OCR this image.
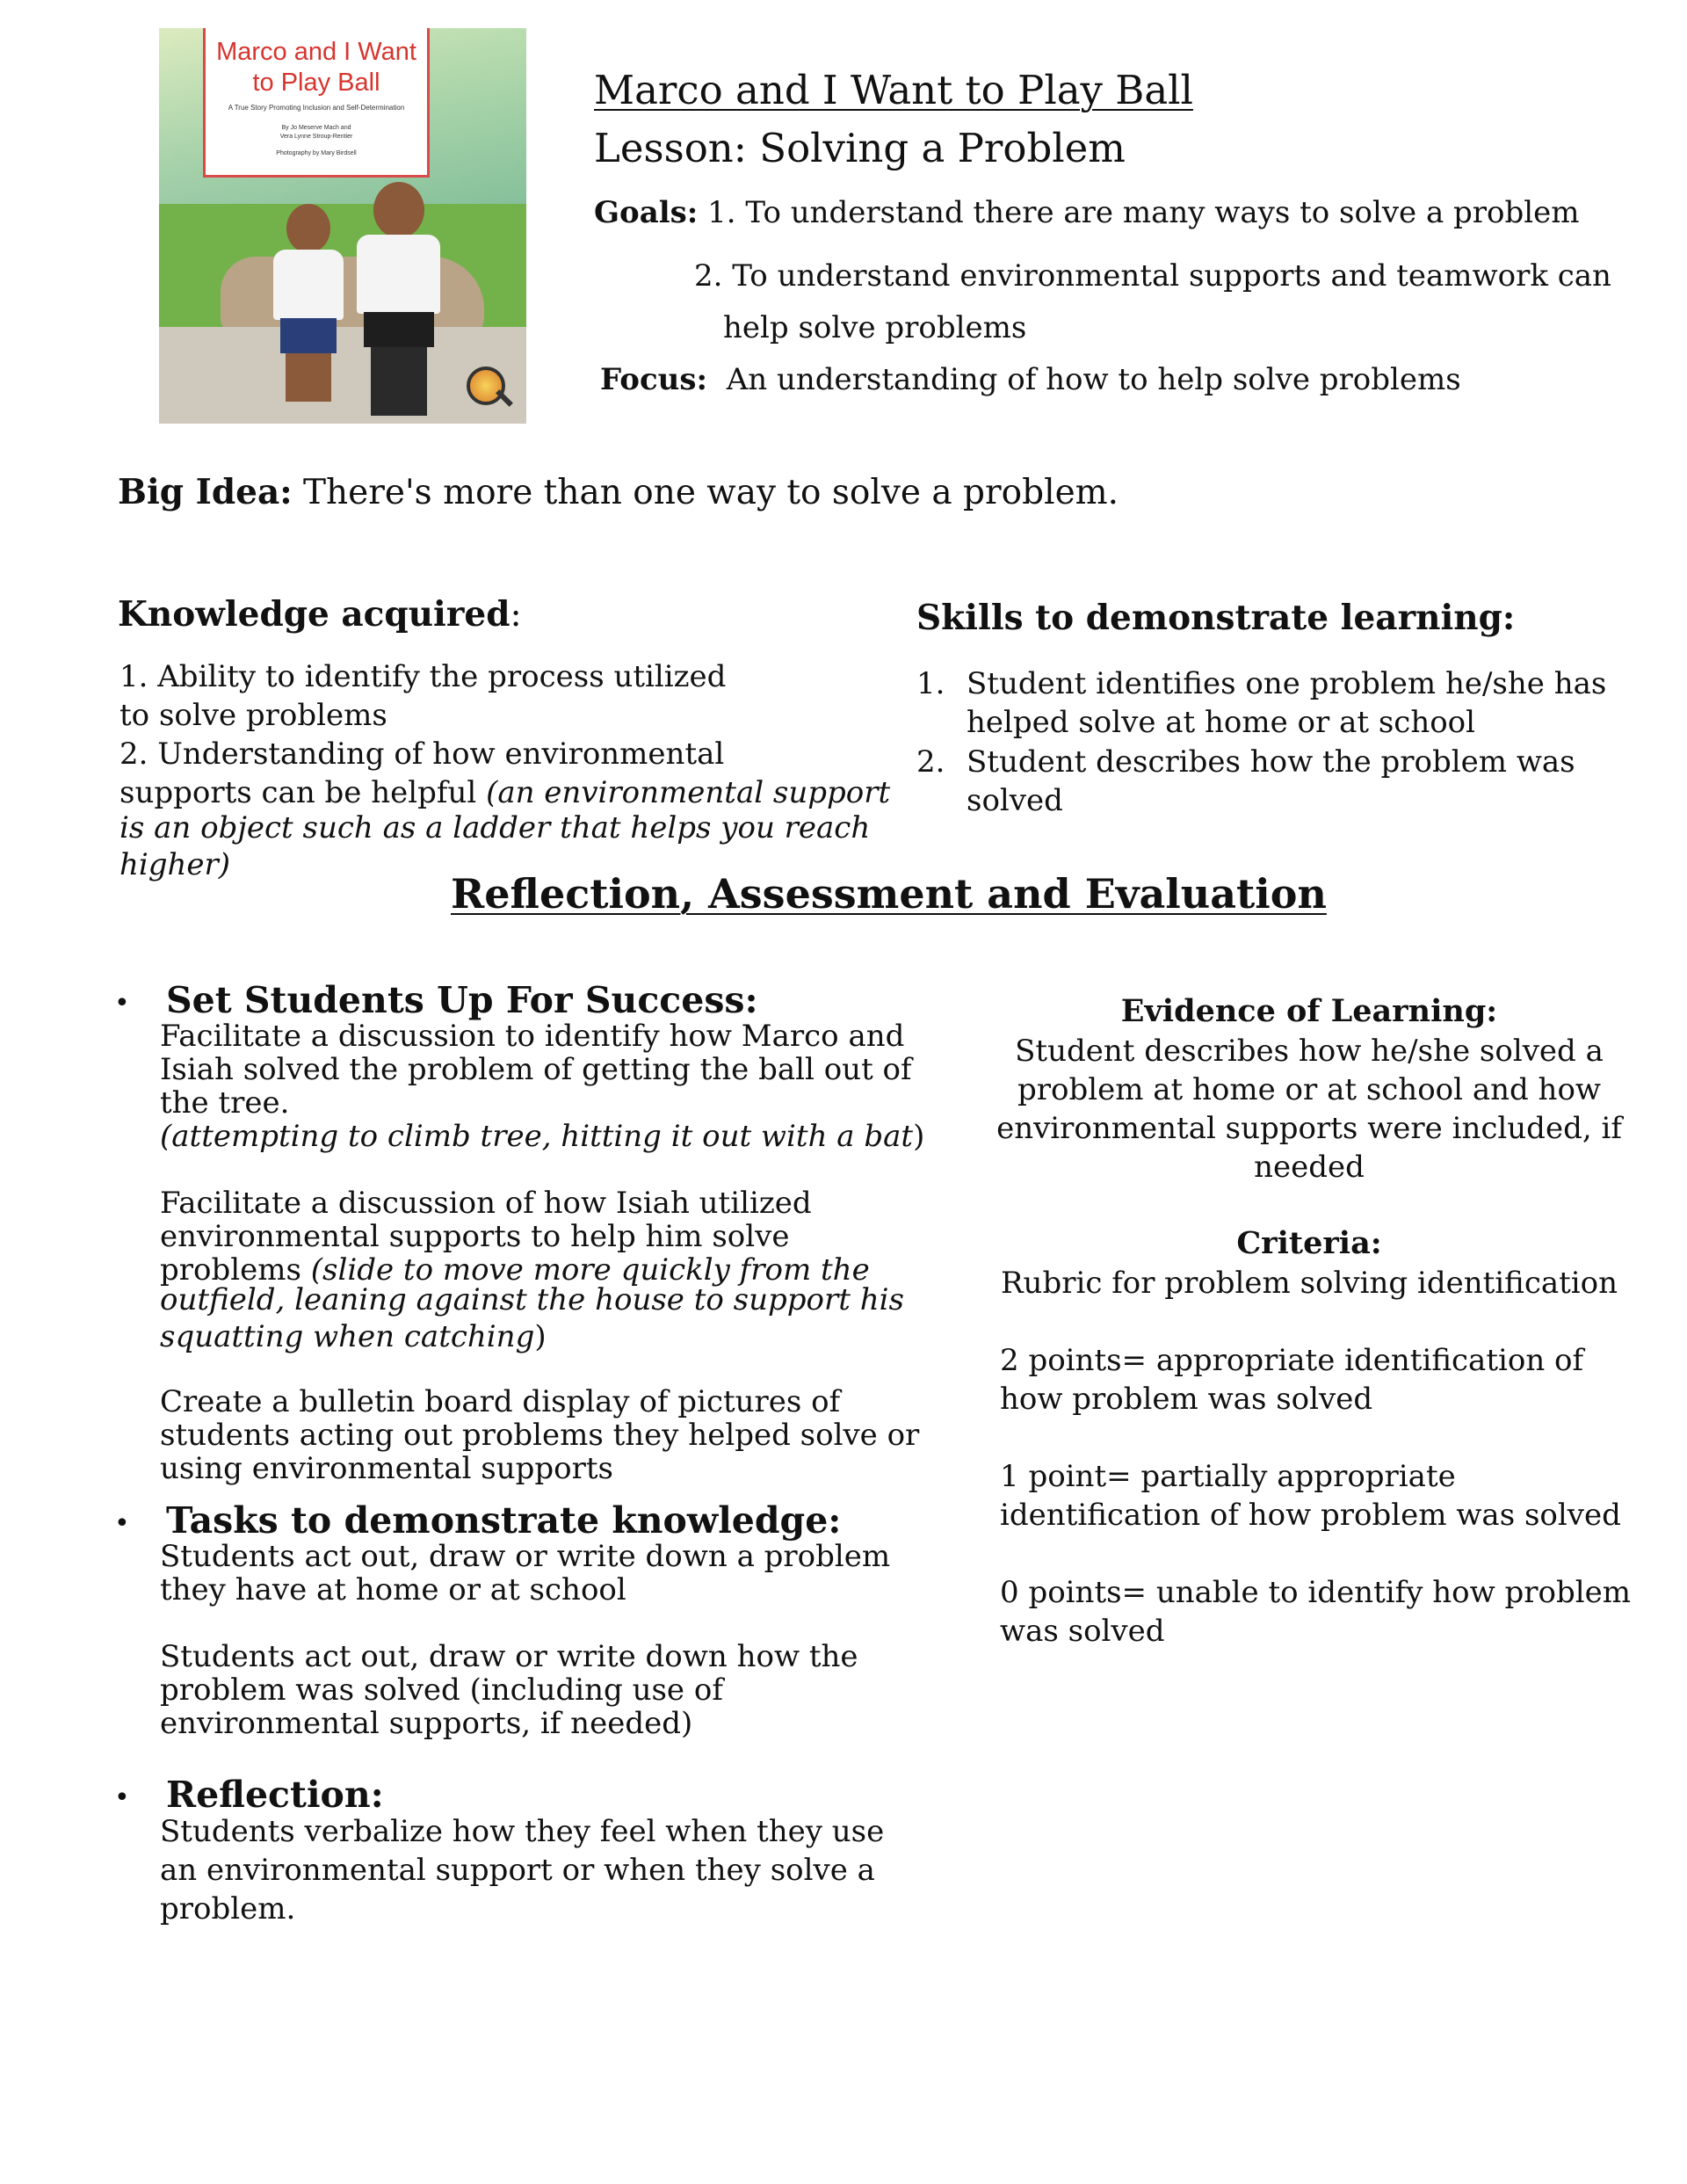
Marco and I Want
to Play Ball
A True Story Promoting Inclusion and Self-Determination
By Jo Meserve Mach and
Vera Lynne Stroup-Rentier
Photography by Mary Birdsell
Marco and I Want to Play Ball
Lesson: Solving a Problem
Goals: 1. To understand there are many ways to solve a problem
2. To understand environmental supports and teamwork can
help solve problems
Focus: An understanding of how to help solve problems
Big Idea: There's more than one way to solve a problem.
Knowledge acquired:
1. Ability to identify the process utilized
to solve problems
2. Understanding of how environmental
supports can be helpful (an environmental support
is an object such as a ladder that helps you reach
higher)
Skills to demonstrate learning:
1. Student identifies one problem he/she has
helped solve at home or at school
2. Student describes how the problem was
solved
Reflection, Assessment and Evaluation
• Set Students Up For Success:
Facilitate a discussion to identify how Marco and
Isiah solved the problem of getting the ball out of
the tree.
(attempting to climb tree, hitting it out with a bat)
Facilitate a discussion of how Isiah utilized
environmental supports to help him solve
problems (slide to move more quickly from the
outfield, leaning against the house to support his
squatting when catching)
Create a bulletin board display of pictures of
students acting out problems they helped solve or
using environmental supports
• Tasks to demonstrate knowledge:
Students act out, draw or write down a problem
they have at home or at school
Students act out, draw or write down how the
problem was solved (including use of
environmental supports, if needed)
• Reflection:
Students verbalize how they feel when they use
an environmental support or when they solve a
problem.
Evidence of Learning:
Student describes how he/she solved a
problem at home or at school and how
environmental supports were included, if
needed
Criteria:
Rubric for problem solving identification
2 points= appropriate identification of
how problem was solved
1 point= partially appropriate
identification of how problem was solved
0 points= unable to identify how problem
was solved
